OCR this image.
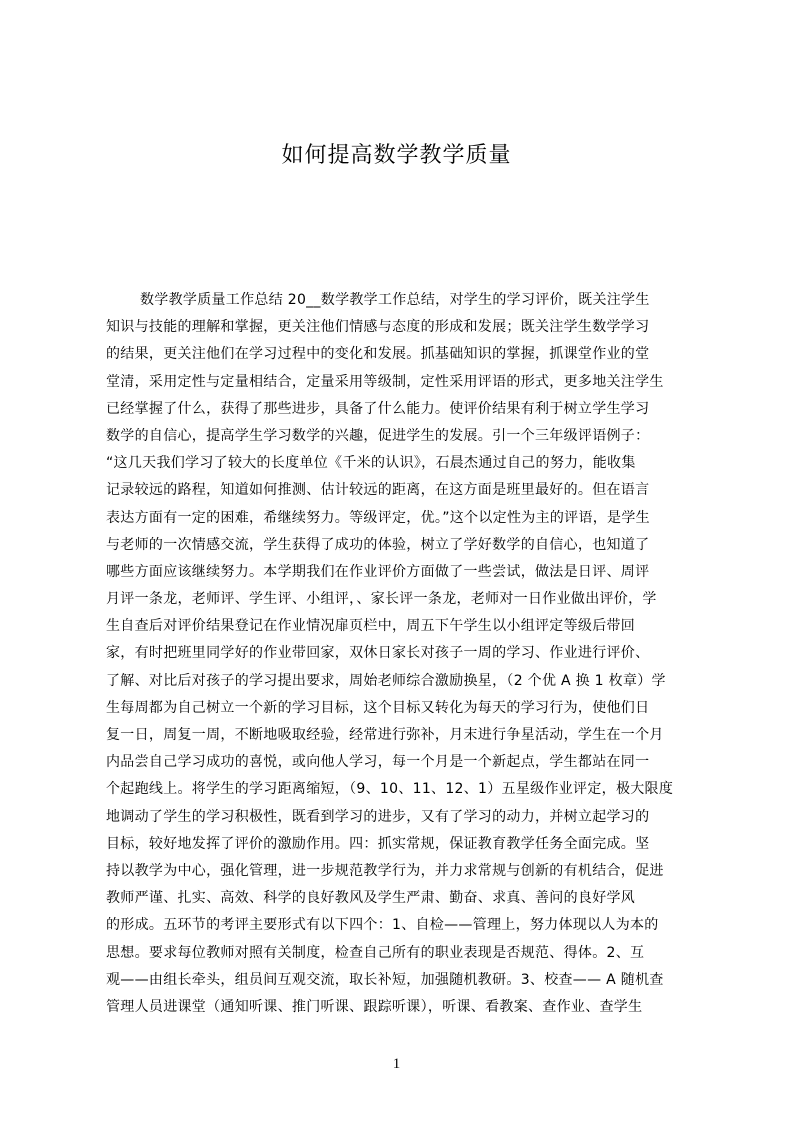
如何提高数学教学质量
数学教学质量工作总结 20__数学教学工作总结，对学生的学习评价，既关注学生
知识与技能的理解和掌握，更关注他们情感与态度的形成和发展；既关注学生数学学习
的结果，更关注他们在学习过程中的变化和发展。抓基础知识的掌握，抓课堂作业的堂
堂清，采用定性与定量相结合，定量采用等级制，定性采用评语的形式，更多地关注学生
已经掌握了什么，获得了那些进步，具备了什么能力。使评价结果有利于树立学生学习
数学的自信心，提高学生学习数学的兴趣，促进学生的发展。引一个三年级评语例子：
“这几天我们学习了较大的长度单位《千米的认识》，石晨杰通过自己的努力，能收集
记录较远的路程，知道如何推测、估计较远的距离，在这方面是班里最好的。但在语言
表达方面有一定的困难，希继续努力。等级评定，优。”这个以定性为主的评语，是学生
与老师的一次情感交流，学生获得了成功的体验，树立了学好数学的自信心，也知道了
哪些方面应该继续努力。本学期我们在作业评价方面做了一些尝试，做法是日评、周评
月评一条龙，老师评、学生评、小组评，、家长评一条龙，老师对一日作业做出评价，学
生自查后对评价结果登记在作业情况扉页栏中，周五下午学生以小组评定等级后带回
家，有时把班里同学好的作业带回家，双休日家长对孩子一周的学习、作业进行评价、
了解、对比后对孩子的学习提出要求，周始老师综合激励换星，（2 个优 A 换 1 枚章）学
生每周都为自己树立一个新的学习目标，这个目标又转化为每天的学习行为，使他们日
复一日，周复一周，不断地吸取经验，经常进行弥补，月末进行争星活动，学生在一个月
内品尝自己学习成功的喜悦，或向他人学习，每一个月是一个新起点，学生都站在同一
个起跑线上。将学生的学习距离缩短，（9、10、11、12、1）五星级作业评定，极大限度
地调动了学生的学习积极性，既看到学习的进步，又有了学习的动力，并树立起学习的
目标，较好地发挥了评价的激励作用。四：抓实常规，保证教育教学任务全面完成。坚
持以教学为中心，强化管理，进一步规范教学行为，并力求常规与创新的有机结合，促进
教师严谨、扎实、高效、科学的良好教风及学生严肃、勤奋、求真、善问的良好学风
的形成。五环节的考评主要形式有以下四个：1、自检——管理上，努力体现以人为本的
思想。要求每位教师对照有关制度，检查自己所有的职业表现是否规范、得体。2、互
观——由组长牵头，组员间互观交流，取长补短，加强随机教研。3、校查—— A 随机查
管理人员进课堂（通知听课、推门听课、跟踪听课），听课、看教案、查作业、查学生
1
